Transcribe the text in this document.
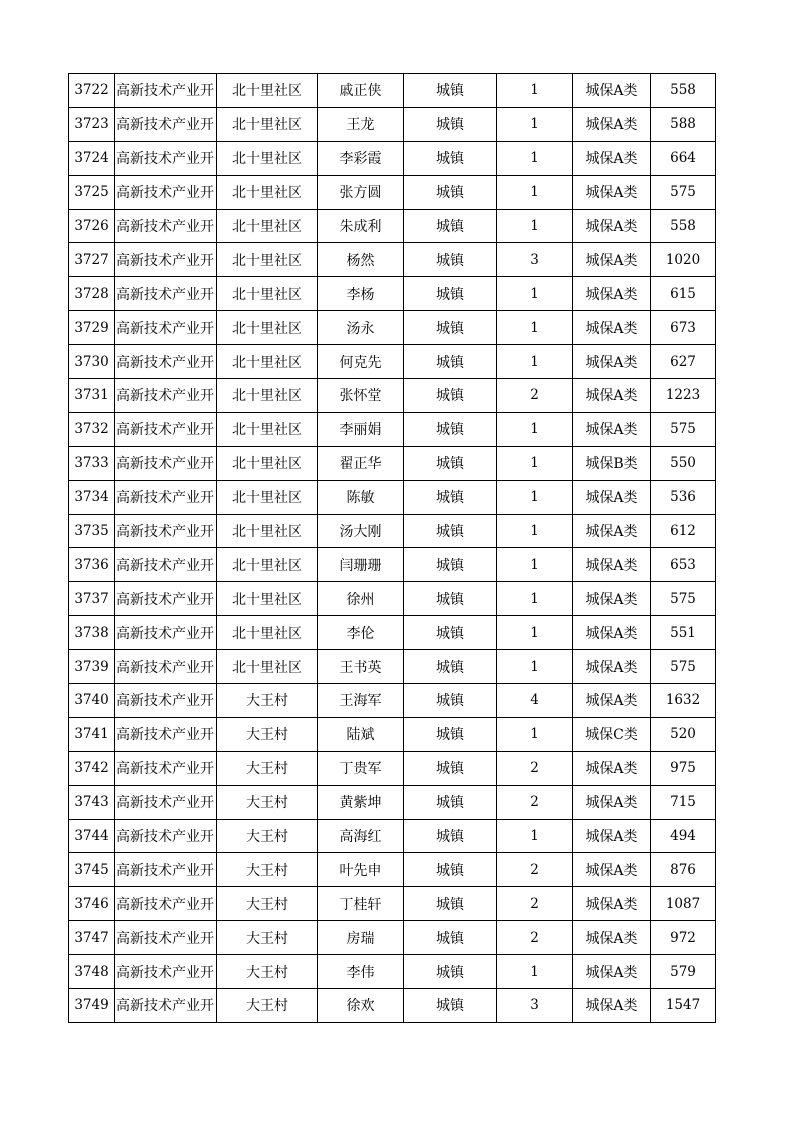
3722	高新技术产业开	北十里社区	戚正侠	城镇	1	城保A类	558
3723	高新技术产业开	北十里社区	王龙	城镇	1	城保A类	588
3724	高新技术产业开	北十里社区	李彩霞	城镇	1	城保A类	664
3725	高新技术产业开	北十里社区	张方圆	城镇	1	城保A类	575
3726	高新技术产业开	北十里社区	朱成利	城镇	1	城保A类	558
3727	高新技术产业开	北十里社区	杨然	城镇	3	城保A类	1020
3728	高新技术产业开	北十里社区	李杨	城镇	1	城保A类	615
3729	高新技术产业开	北十里社区	汤永	城镇	1	城保A类	673
3730	高新技术产业开	北十里社区	何克先	城镇	1	城保A类	627
3731	高新技术产业开	北十里社区	张怀堂	城镇	2	城保A类	1223
3732	高新技术产业开	北十里社区	李丽娟	城镇	1	城保A类	575
3733	高新技术产业开	北十里社区	翟正华	城镇	1	城保B类	550
3734	高新技术产业开	北十里社区	陈敏	城镇	1	城保A类	536
3735	高新技术产业开	北十里社区	汤大刚	城镇	1	城保A类	612
3736	高新技术产业开	北十里社区	闫珊珊	城镇	1	城保A类	653
3737	高新技术产业开	北十里社区	徐州	城镇	1	城保A类	575
3738	高新技术产业开	北十里社区	李伦	城镇	1	城保A类	551
3739	高新技术产业开	北十里社区	王书英	城镇	1	城保A类	575
3740	高新技术产业开	大王村	王海军	城镇	4	城保A类	1632
3741	高新技术产业开	大王村	陆斌	城镇	1	城保C类	520
3742	高新技术产业开	大王村	丁贵军	城镇	2	城保A类	975
3743	高新技术产业开	大王村	黄紫坤	城镇	2	城保A类	715
3744	高新技术产业开	大王村	高海红	城镇	1	城保A类	494
3745	高新技术产业开	大王村	叶先申	城镇	2	城保A类	876
3746	高新技术产业开	大王村	丁桂轩	城镇	2	城保A类	1087
3747	高新技术产业开	大王村	房瑞	城镇	2	城保A类	972
3748	高新技术产业开	大王村	李伟	城镇	1	城保A类	579
3749	高新技术产业开	大王村	徐欢	城镇	3	城保A类	1547
